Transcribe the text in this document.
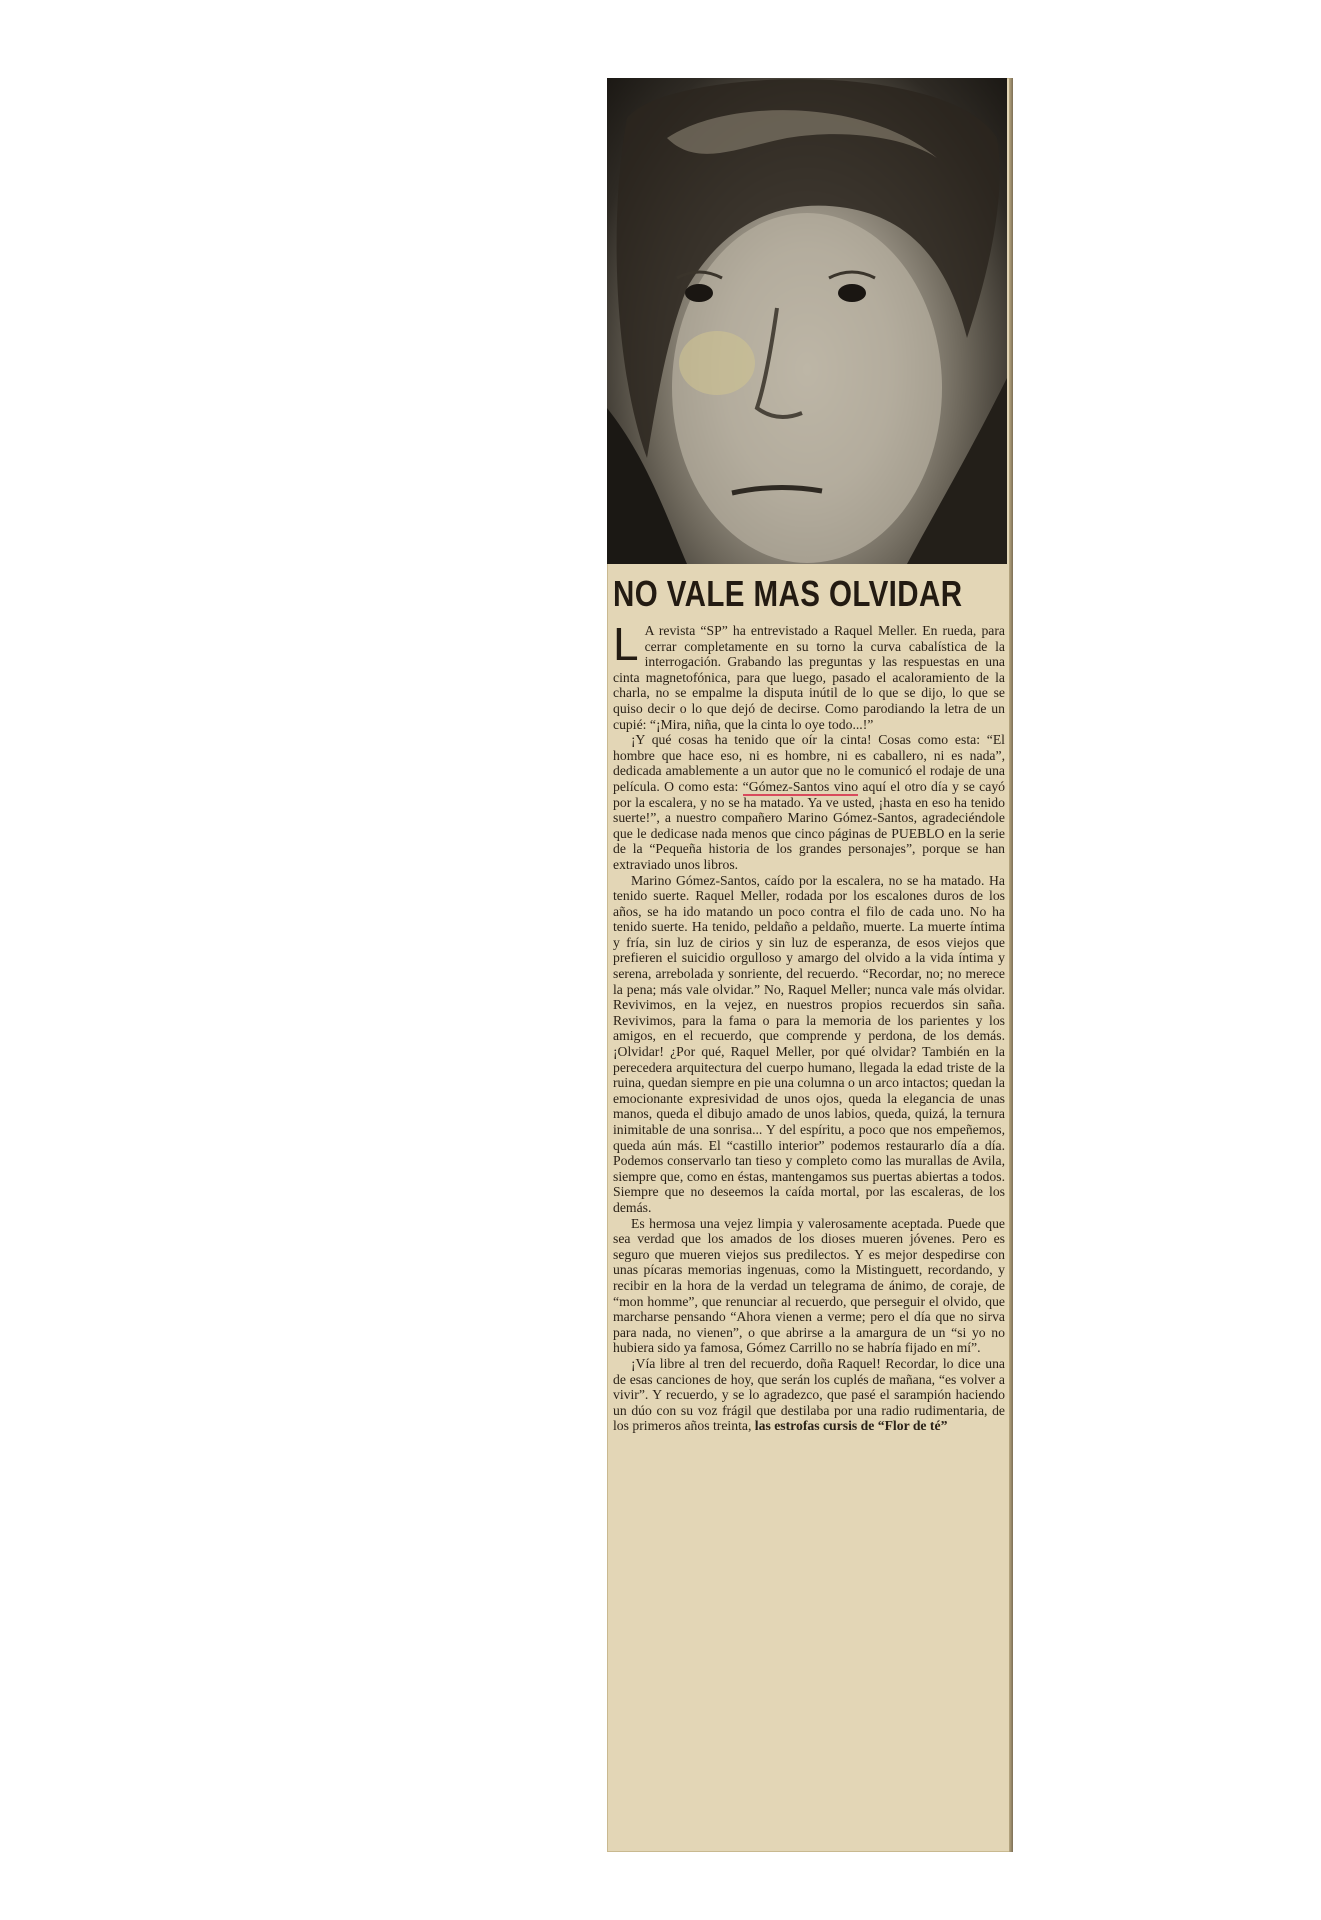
NO VALE MAS OLVIDAR

L A revista “SP” ha entrevistado a Raquel Meller. En rueda, para cerrar completamente en su torno la curva cabalística de la interrogación. Grabando las preguntas y las respuestas en una cinta magnetofónica, para que luego, pasado el acaloramiento de la charla, no se empalme la disputa inútil de lo que se dijo, lo que se quiso decir o lo que dejó de decirse. Como parodiando la letra de un cupié: “¡Mira, niña, que la cinta lo oye todo...!”

¡Y qué cosas ha tenido que oír la cinta! Cosas como esta: “El hombre que hace eso, ni es hombre, ni es caballero, ni es nada”, dedicada amablemente a un autor que no le comunicó el rodaje de una película. O como esta: “Gómez-Santos vino aquí el otro día y se cayó por la escalera, y no se ha matado. Ya ve usted, ¡hasta en eso ha tenido suerte!”, a nuestro compañero Marino Gómez-Santos, agradeciéndole que le dedicase nada menos que cinco páginas de PUEBLO en la serie de la “Pequeña historia de los grandes personajes”, porque se han extraviado unos libros.

Marino Gómez-Santos, caído por la escalera, no se ha matado. Ha tenido suerte. Raquel Meller, rodada por los escalones duros de los años, se ha ido matando un poco contra el filo de cada uno. No ha tenido suerte. Ha tenido, peldaño a peldaño, muerte. La muerte íntima y fría, sin luz de cirios y sin luz de esperanza, de esos viejos que prefieren el suicidio orgulloso y amargo del olvido a la vida íntima y serena, arrebolada y sonriente, del recuerdo. “Recordar, no; no merece la pena; más vale olvidar.” No, Raquel Meller; nunca vale más olvidar. Revivimos, en la vejez, en nuestros propios recuerdos sin saña. Revivimos, para la fama o para la memoria de los parientes y los amigos, en el recuerdo, que comprende y perdona, de los demás. ¡Olvidar! ¿Por qué, Raquel Meller, por qué olvidar? También en la perecedera arquitectura del cuerpo humano, llegada la edad triste de la ruina, quedan siempre en pie una columna o un arco intactos; quedan la emocionante expresividad de unos ojos, queda la elegancia de unas manos, queda el dibujo amado de unos labios, queda, quizá, la ternura inimitable de una sonrisa... Y del espíritu, a poco que nos empeñemos, queda aún más. El “castillo interior” podemos restaurarlo día a día. Podemos conservarlo tan tieso y completo como las murallas de Avila, siempre que, como en éstas, mantengamos sus puertas abiertas a todos. Siempre que no deseemos la caída mortal, por las escaleras, de los demás.

Es hermosa una vejez limpia y valerosamente aceptada. Puede que sea verdad que los amados de los dioses mueren jóvenes. Pero es seguro que mueren viejos sus predilectos. Y es mejor despedirse con unas pícaras memorias ingenuas, como la Mistinguett, recordando, y recibir en la hora de la verdad un telegrama de ánimo, de coraje, de “mon homme”, que renunciar al recuerdo, que perseguir el olvido, que marcharse pensando “Ahora vienen a verme; pero el día que no sirva para nada, no vienen”, o que abrirse a la amargura de un “si yo no hubiera sido ya famosa, Gómez Carrillo no se habría fijado en mí”.

¡Vía libre al tren del recuerdo, doña Raquel! Recordar, lo dice una de esas canciones de hoy, que serán los cuplés de mañana, “es volver a vivir”. Y recuerdo, y se lo agradezco, que pasé el sarampión haciendo un dúo con su voz frágil que destilaba por una radio rudimentaria, de los primeros años treinta, las estrofas cursis de “Flor de té”
